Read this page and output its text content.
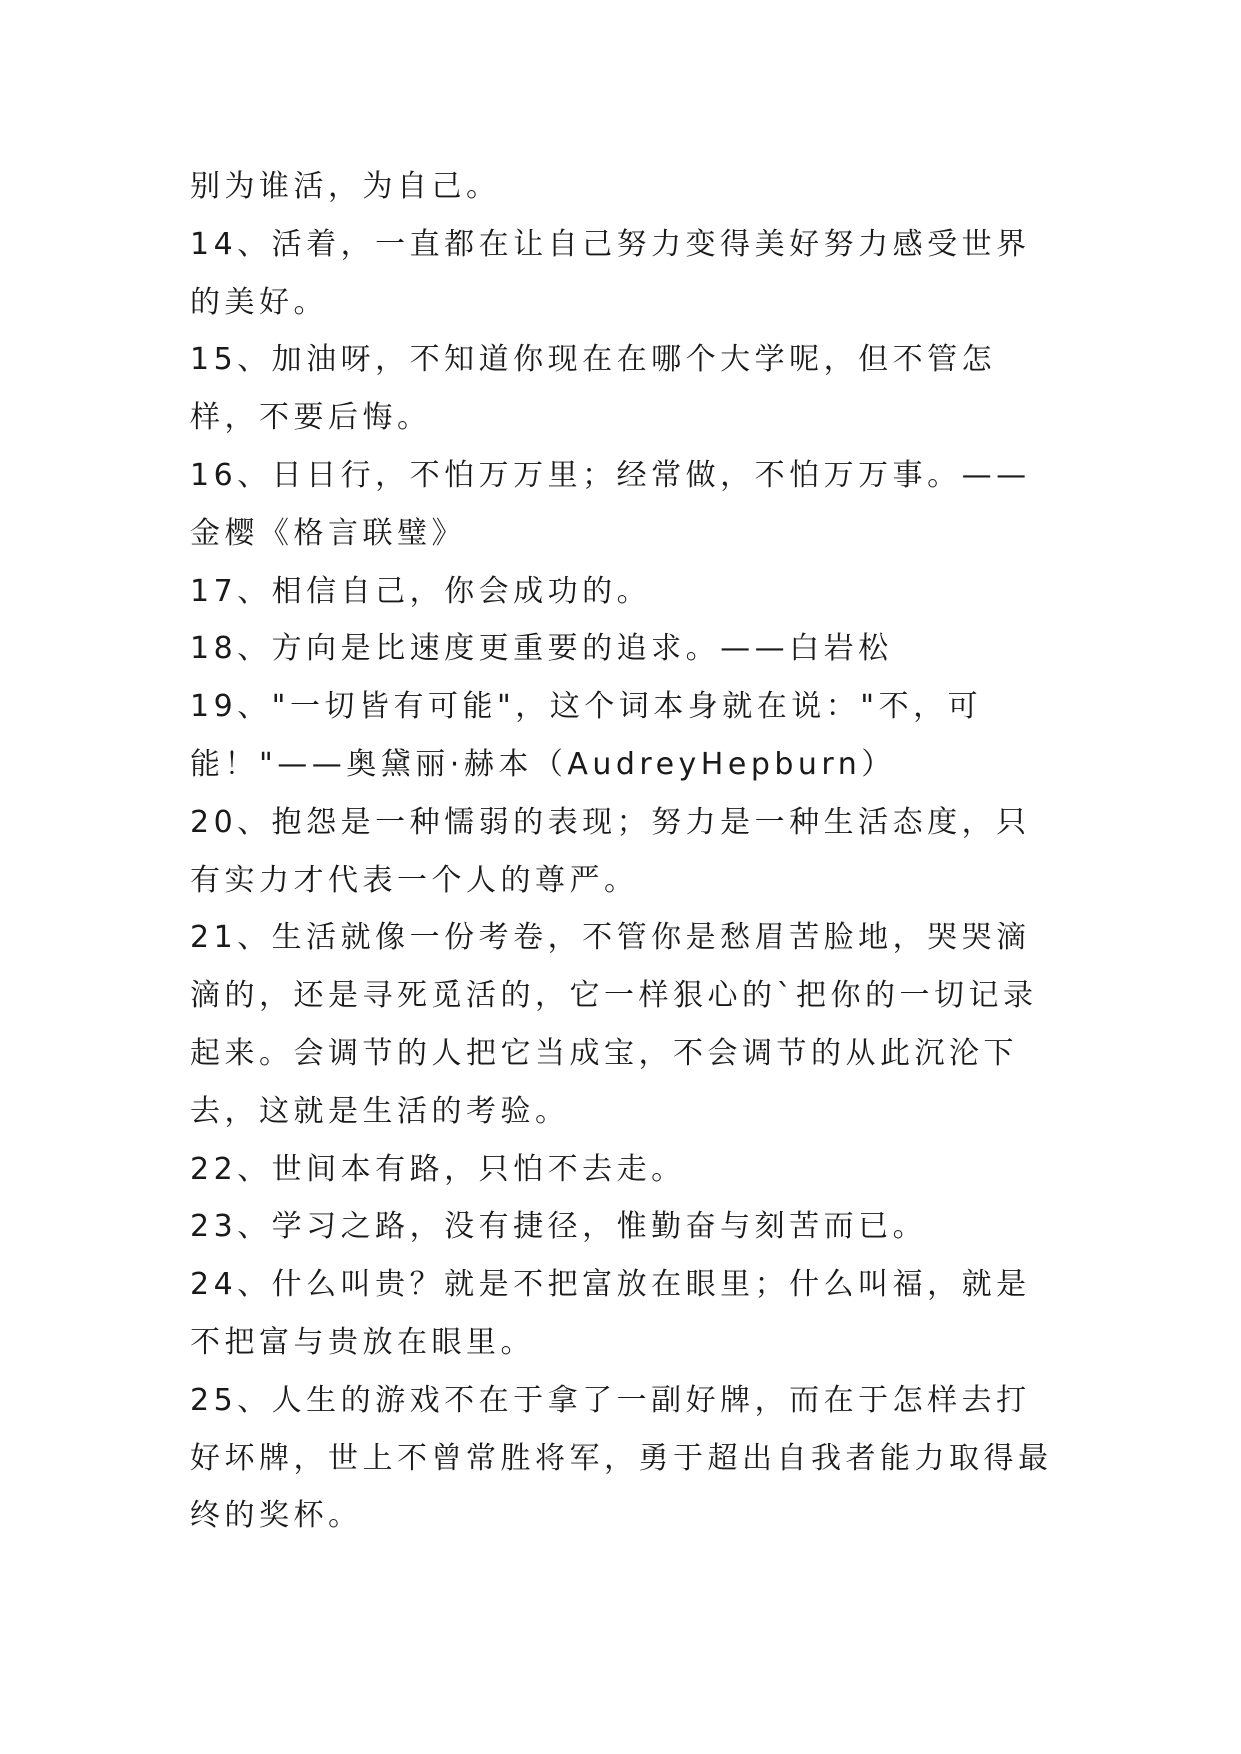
别为谁活，为自己。

14、活着，一直都在让自己努力变得美好努力感受世界的美好。

15、加油呀，不知道你现在在哪个大学呢，但不管怎样，不要后悔。

16、日日行，不怕万万里；经常做，不怕万万事。——金樱《格言联璧》

17、相信自己，你会成功的。

18、方向是比速度更重要的追求。——白岩松

19、"一切皆有可能"，这个词本身就在说："不，可能！"——奥黛丽·赫本（AudreyHepburn）

20、抱怨是一种懦弱的表现；努力是一种生活态度，只有实力才代表一个人的尊严。

21、生活就像一份考卷，不管你是愁眉苦脸地，哭哭滴滴的，还是寻死觅活的，它一样狠心的`把你的一切记录起来。会调节的人把它当成宝，不会调节的从此沉沦下去，这就是生活的考验。

22、世间本有路，只怕不去走。

23、学习之路，没有捷径，惟勤奋与刻苦而已。

24、什么叫贵？就是不把富放在眼里；什么叫福，就是不把富与贵放在眼里。

25、人生的游戏不在于拿了一副好牌，而在于怎样去打好坏牌，世上不曾常胜将军，勇于超出自我者能力取得最终的奖杯。
